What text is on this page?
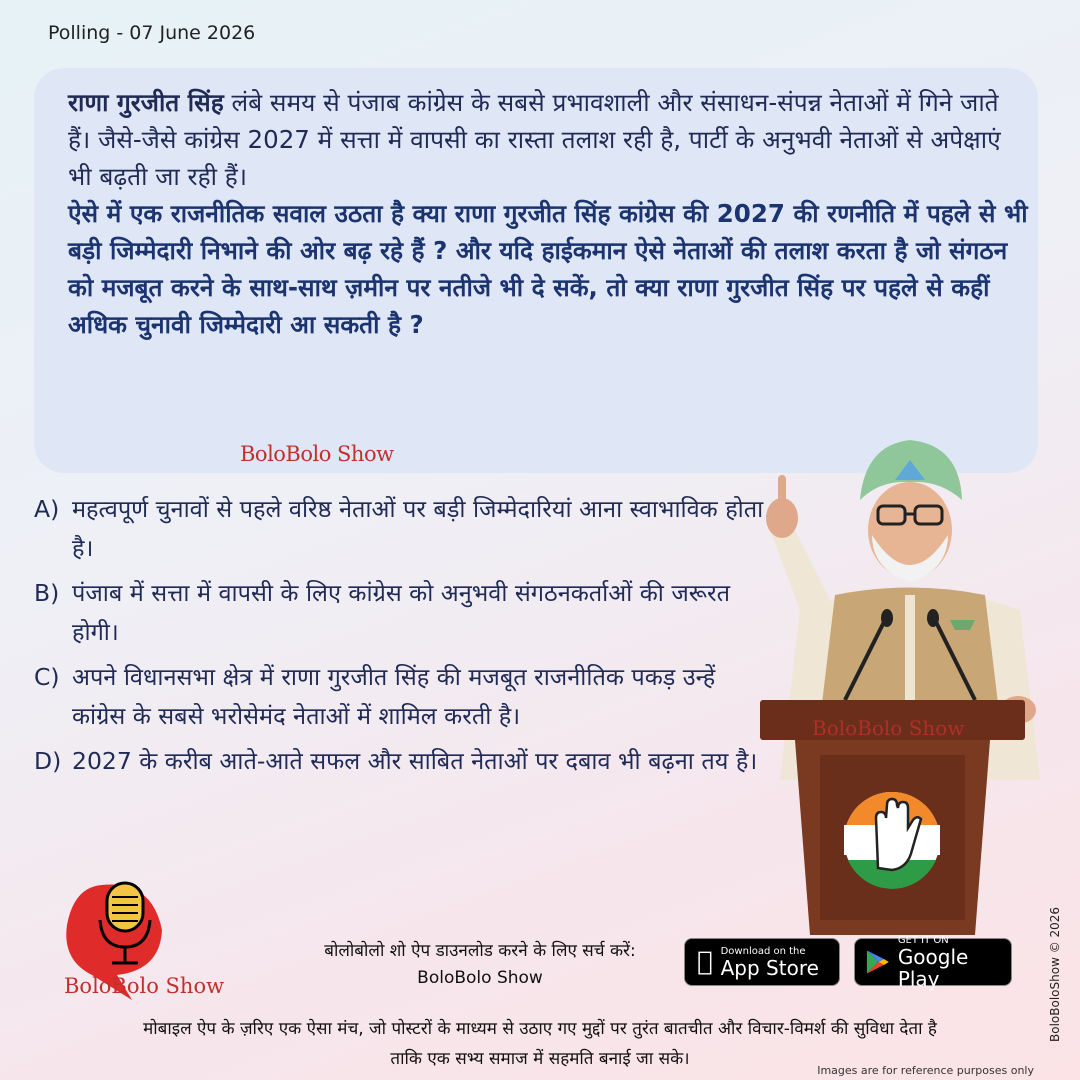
Polling - 07 June 2026
राणा गुरजीत सिंह लंबे समय से पंजाब कांग्रेस के सबसे प्रभावशाली और संसाधन-संपन्न नेताओं में गिने जाते हैं। जैसे-जैसे कांग्रेस 2027 में सत्ता में वापसी का रास्ता तलाश रही है, पार्टी के अनुभवी नेताओं से अपेक्षाएं भी बढ़ती जा रही हैं।
ऐसे में एक राजनीतिक सवाल उठता है क्या राणा गुरजीत सिंह कांग्रेस की 2027 की रणनीति में पहले से भी बड़ी जिम्मेदारी निभाने की ओर बढ़ रहे हैं ? और यदि हाईकमान ऐसे नेताओं की तलाश करता है जो संगठन को मजबूत करने के साथ-साथ ज़मीन पर नतीजे भी दे सकें, तो क्या राणा गुरजीत सिंह पर पहले से कहीं अधिक चुनावी जिम्मेदारी आ सकती है ?
BoloBolo Show
A) महत्वपूर्ण चुनावों से पहले वरिष्ठ नेताओं पर बड़ी जिम्मेदारियां आना स्वाभाविक होता है।
B) पंजाब में सत्ता में वापसी के लिए कांग्रेस को अनुभवी संगठनकर्ताओं की जरूरत होगी।
C) अपने विधानसभा क्षेत्र में राणा गुरजीत सिंह की मजबूत राजनीतिक पकड़ उन्हें कांग्रेस के सबसे भरोसेमंद नेताओं में शामिल करती है।
D) 2027 के करीब आते-आते सफल और साबित नेताओं पर दबाव भी बढ़ना तय है।
BoloBolo Show
BoloBolo Show
बोलोबोलो शो ऐप डाउनलोड करने के लिए सर्च करें:
BoloBolo Show
Download on the
App Store
GET IT ON
Google Play
मोबाइल ऐप के ज़रिए एक ऐसा मंच, जो पोस्टरों के माध्यम से उठाए गए मुद्दों पर तुरंत बातचीत और विचार-विमर्श की सुविधा देता है
ताकि एक सभ्य समाज में सहमति बनाई जा सके।
BoloBoloShow © 2026
Images are for reference purposes only
